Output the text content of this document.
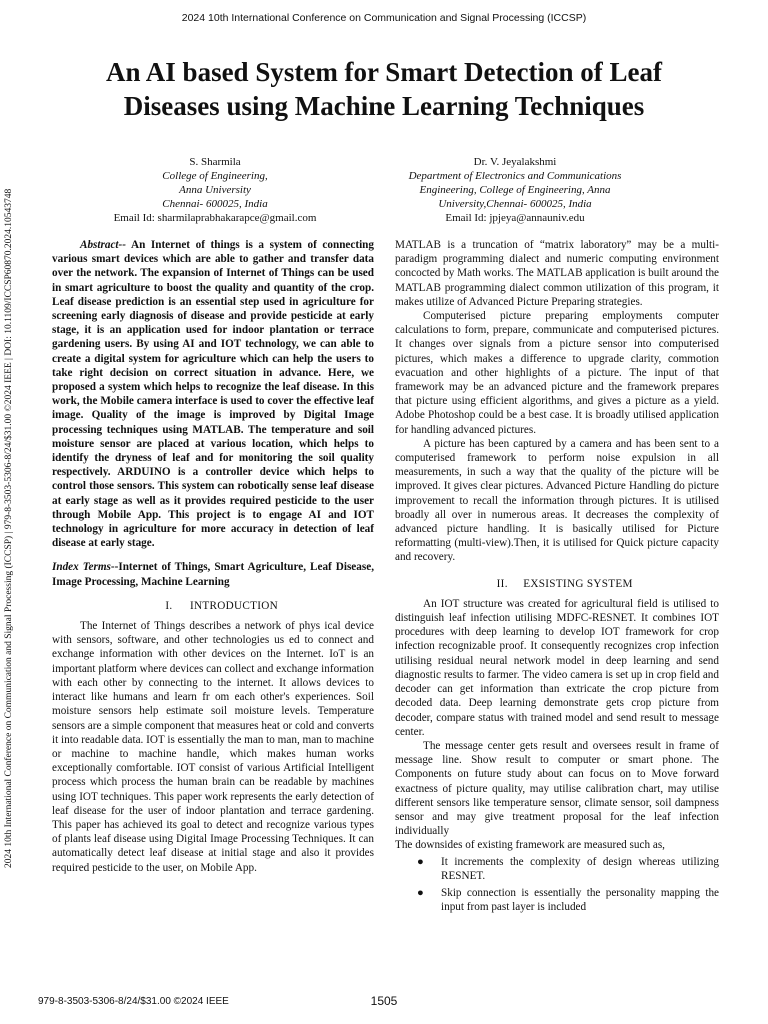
2024 10th International Conference on Communication and Signal Processing (ICCSP)
An AI based System for Smart Detection of Leaf Diseases using Machine Learning Techniques
S. Sharmila
College of Engineering,
Anna University
Chennai- 600025, India
Email Id: sharmilaprabhakarapce@gmail.com
Dr. V. Jeyalakshmi
Department of Electronics and Communications
Engineering, College of Engineering, Anna
University,Chennai- 600025, India
Email Id: jpjeya@annauniv.edu
2024 10th International Conference on Communication and Signal Processing (ICCSP) | 979-8-3503-5306-8/24/$31.00 ©2024 IEEE | DOI: 10.1109/ICCSP60870.2024.10543748	Abstract-- An Internet of things is a system of connecting various smart devices which are able to gather and transfer data over the network. The expansion of Internet of Things can be used in smart agriculture to boost the quality and quantity of the crop. Leaf disease prediction is an essential step used in agriculture for screening early diagnosis of disease and provide pesticide at early stage, it is an application used for indoor plantation or terrace gardening users. By using AI and IOT technology, we can able to create a digital system for agriculture which can help the users to take right decision on correct situation in advance. Here, we proposed a system which helps to recognize the leaf disease. In this work, the Mobile camera interface is used to cover the effective leaf image. Quality of the image is improved by Digital Image processing techniques using MATLAB. The temperature and soil moisture sensor are placed at various location, which helps to identify the dryness of leaf and for monitoring the soil quality respectively. ARDUINO is a controller device which helps to control those sensors. This system can robotically sense leaf disease at early stage as well as it provides required pesticide to the user through Mobile App. This project is to engage AI and IOT technology in agriculture for more accuracy in detection of leaf disease at early stage.

Index Terms--Internet of Things, Smart Agriculture, Leaf Disease, Image Processing, Machine Learning

I. INTRODUCTION

The Internet of Things describes a network of phys ical device with sensors, software, and other technologies us ed to connect and exchange information with other devices on the Internet. IoT is an important platform where devices can collect and exchange information with each other by connecting to the internet. It allows devices to interact like humans and learn fr om each other's experiences. Soil moisture sensors help estimate soil moisture levels. Temperature sensors are a simple component that measures heat or cold and converts it into readable data. IOT is essentially the man to man, man to machine or machine to machine handle, which makes human works exceptionally comfortable. IOT consist of various Artificial Intelligent process which process the human brain can be readable by machines using IOT techniques. This paper work represents the early detection of leaf disease for the user of indoor plantation and terrace gardening. This paper has achieved its goal to detect and recognize various types of plants leaf disease using Digital Image Processing Techniques. It can automatically detect leaf disease at initial stage and also it provides required pesticide to the user, on Mobile App.

MATLAB is a truncation of “matrix laboratory” may be a multi-paradigm programming dialect and numeric computing environment concocted by Math works. The MATLAB application is built around the MATLAB programming dialect common utilization of this program, it makes utilize of Advanced Picture Preparing strategies.

Computerised picture preparing employments computer calculations to form, prepare, communicate and computerised pictures. It changes over signals from a picture sensor into computerised pictures, which makes a difference to upgrade clarity, commotion evacuation and other highlights of a picture. The input of that framework may be an advanced picture and the framework prepares that picture using efficient algorithms, and gives a picture as a yield. Adobe Photoshop could be a best case. It is broadly utilised application for handling advanced pictures.

A picture has been captured by a camera and has been sent to a computerised framework to perform noise expulsion in all measurements, in such a way that the quality of the picture will be improved. It gives clear pictures. Advanced Picture Handling do picture improvement to recall the information through pictures. It is utilised broadly all over in numerous areas. It decreases the complexity of advanced picture handling. It is basically utilised for Picture reformatting (multi-view).Then, it is utilised for Quick picture capacity and recovery.

II. EXSISTING SYSTEM

An IOT structure was created for agricultural field is utilised to distinguish leaf infection utilising MDFC-RESNET. It combines IOT procedures with deep learning to develop IOT framework for crop infection recognizable proof. It consequently recognizes crop infection utilising residual neural network model in deep learning and send diagnostic results to farmer. The video camera is set up in crop field and decoder can get information than extricate the crop picture from decoded data. Deep learning demonstrate gets crop picture from decoder, compare status with trained model and send result to message center.

The message center gets result and oversees result in frame of message line. Show result to computer or smart phone. The Components on future study about can focus on to Move forward exactness of picture quality, may utilise calibration chart, may utilise different sensors like temperature sensor, climate sensor, soil dampness sensor and may give treatment proposal for the leaf infection individually

The downsides of existing framework are measured such as,

● It increments the complexity of design whereas utilizing RESNET.
● Skip connection is essentially the personality mapping the input from past layer is included
979-8-3503-5306-8/24/$31.00 ©2024 IEEE	1505
